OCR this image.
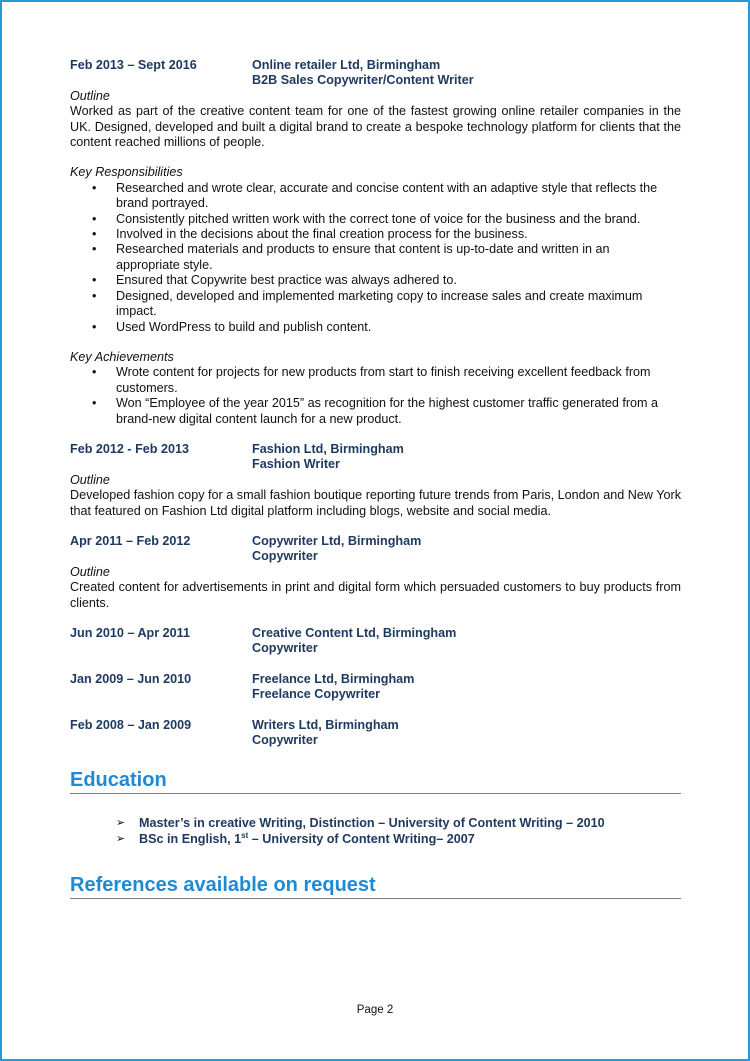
Feb 2013 – Sept 2016	Online retailer Ltd, Birmingham
B2B Sales Copywriter/Content Writer
Outline
Worked as part of the creative content team for one of the fastest growing online retailer companies in the UK. Designed, developed and built a digital brand to create a bespoke technology platform for clients that the content reached millions of people.
Key Responsibilities
• Researched and wrote clear, accurate and concise content with an adaptive style that reflects the brand portrayed.
• Consistently pitched written work with the correct tone of voice for the business and the brand.
• Involved in the decisions about the final creation process for the business.
• Researched materials and products to ensure that content is up-to-date and written in an appropriate style.
• Ensured that Copywrite best practice was always adhered to.
• Designed, developed and implemented marketing copy to increase sales and create maximum impact.
• Used WordPress to build and publish content.
Key Achievements
• Wrote content for projects for new products from start to finish receiving excellent feedback from customers.
• Won “Employee of the year 2015” as recognition for the highest customer traffic generated from a brand-new digital content launch for a new product.
Feb 2012 - Feb 2013	Fashion Ltd, Birmingham
Fashion Writer
Outline
Developed fashion copy for a small fashion boutique reporting future trends from Paris, London and New York that featured on Fashion Ltd digital platform including blogs, website and social media.
Apr 2011 – Feb 2012	Copywriter Ltd, Birmingham
Copywriter
Outline
Created content for advertisements in print and digital form which persuaded customers to buy products from clients.
Jun 2010 – Apr 2011	Creative Content Ltd, Birmingham
Copywriter
Jan 2009 – Jun 2010	Freelance Ltd, Birmingham
Freelance Copywriter
Feb 2008 – Jan 2009	Writers Ltd, Birmingham
Copywriter
Education
➢ Master’s in creative Writing, Distinction – University of Content Writing – 2010
➢ BSc in English, 1st – University of Content Writing– 2007
References available on request
Page 2
